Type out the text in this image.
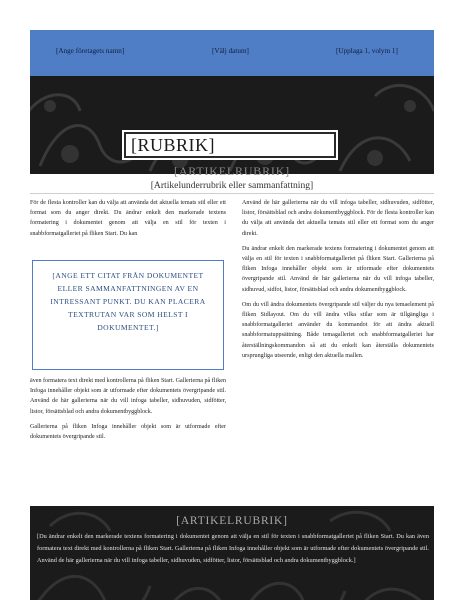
[Ange företagets namn]	[Välj datum]	[Upplaga 1, volym 1]
[RUBRIK]
[ARTIKELRUBRIK]
[Artikelunderrubrik eller sammanfattning]

För de flesta kontroller kan du välja att använda det aktuella temats stil eller ett format som du anger direkt. Du ändrar enkelt den markerade textens formatering i dokumentet genom att välja en stil för texten i snabbformatgalleriet på fliken Start. Du kan

[ANGE ETT CITAT FRÅN DOKUMENTET ELLER SAMMANFATTNINGEN AV EN INTRESSANT PUNKT. DU KAN PLACERA TEXTRUTAN VAR SOM HELST I DOKUMENTET.]

även formatera text direkt med kontrollerna på fliken Start. Gallerierna på fliken Infoga innehåller objekt som är utformade efter dokumentets övergripande stil. Använd de här gallerierna när du vill infoga tabeller, sidhuvuden, sidfötter, listor, försättsblad och andra dokumentbyggblock.

Gallerierna på fliken Infoga innehåller objekt som är utformade efter dokumentets övergripande stil.

Använd de här gallerierna när du vill infoga tabeller, sidhuvuden, sidfötter, listor, försättsblad och andra dokumentbyggblock. För de flesta kontroller kan du välja att använda det aktuella temats stil eller ett format som du anger direkt.

Du ändrar enkelt den markerade textens formatering i dokumentet genom att välja en stil för texten i snabbformatgalleriet på fliken Start. Gallerierna på fliken Infoga innehåller objekt som är utformade efter dokumentets övergripande stil. Använd de här gallerierna när du vill infoga tabeller, sidhuvud, sidfot, listor, försättsblad och andra dokumentbyggblock.

Om du vill ändra dokumentets övergripande stil väljer du nya temaelement på fliken Sidlayout. Om du vill ändra vilka stilar som är tillgängliga i snabbformatgalleriet använder du kommandot för att ändra aktuell snabbformatuppsättning. Både temagalleriet och snabbformatgalleriet har återställningskommandon så att du enkelt kan återställa dokumentets ursprungliga utseende, enligt den aktuella mallen.

[ARTIKELRUBRIK]
[Du ändrar enkelt den markerade textens formatering i dokumentet genom att välja en stil för texten i snabbformatgalleriet på fliken Start. Du kan även formatera text direkt med kontrollerna på fliken Start. Gallerierna på fliken Infoga innehåller objekt som är utformade efter dokumentets övergripande stil. Använd de här gallerierna när du vill infoga tabeller, sidhuvuden, sidfötter, listor, försättsblad och andra dokumentbyggblock.]
